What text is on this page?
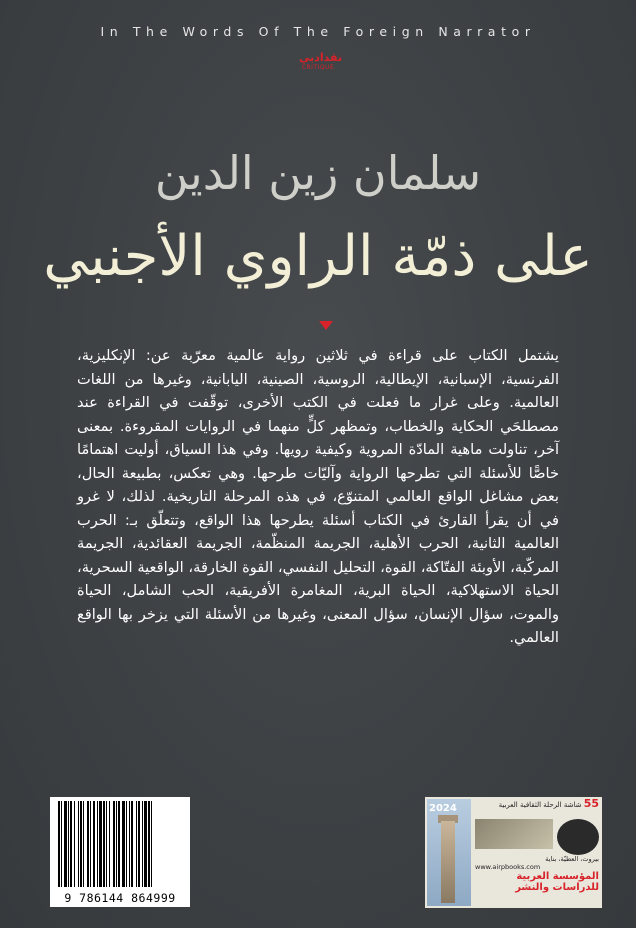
In The Words Of The Foreign Narrator
نقدادبي
CRITIQUE
سلمان زين الدين
على ذمّة الراوي الأجنبي

يشتمل الكتاب على قراءة في ثلاثين رواية عالمية معرّبة عن: الإنكليزية، الفرنسية، الإسبانية، الإيطالية، الروسية، الصينية، اليابانية، وغيرها من اللغات العالمية. وعلى غرار ما فعلت في الكتب الأخرى، توقّفت في القراءة عند مصطلحَي الحكاية والخطاب، وتمظهر كلٍّ منهما في الروايات المقروءة. بمعنى آخر، تناولت ماهية المادّة المروية وكيفية رويها. وفي هذا السياق، أوليت اهتمامًا خاصًّا للأسئلة التي تطرحها الرواية وآليّات طرحها. وهي تعكس، بطبيعة الحال، بعض مشاغل الواقع العالمي المتنوّع، في هذه المرحلة التاريخية. لذلك، لا غرو في أن يقرأ القارئ في الكتاب أسئلة يطرحها هذا الواقع، وتتعلّق بـ: الحرب العالمية الثانية، الحرب الأهلية، الجريمة المنظّمة، الجريمة العقائدية، الجريمة المركّبة، الأوبئة الفتّاكة، القوة، التحليل النفسي، القوة الخارقة، الواقعية السحرية، الحياة الاستهلاكية، الحياة البرية، المغامرة الأفريقية، الحب الشامل، الحياة والموت، سؤال الإنسان، سؤال المعنى، وغيرها من الأسئلة التي يزخر بها الواقع العالمي.

9 786144 864999
2024	55 شاشة الرحلة الثقافية العربية
بيروت، العطيّة، بناية
www.airpbooks.com
المؤسسة العربية للدراسات والنشر
